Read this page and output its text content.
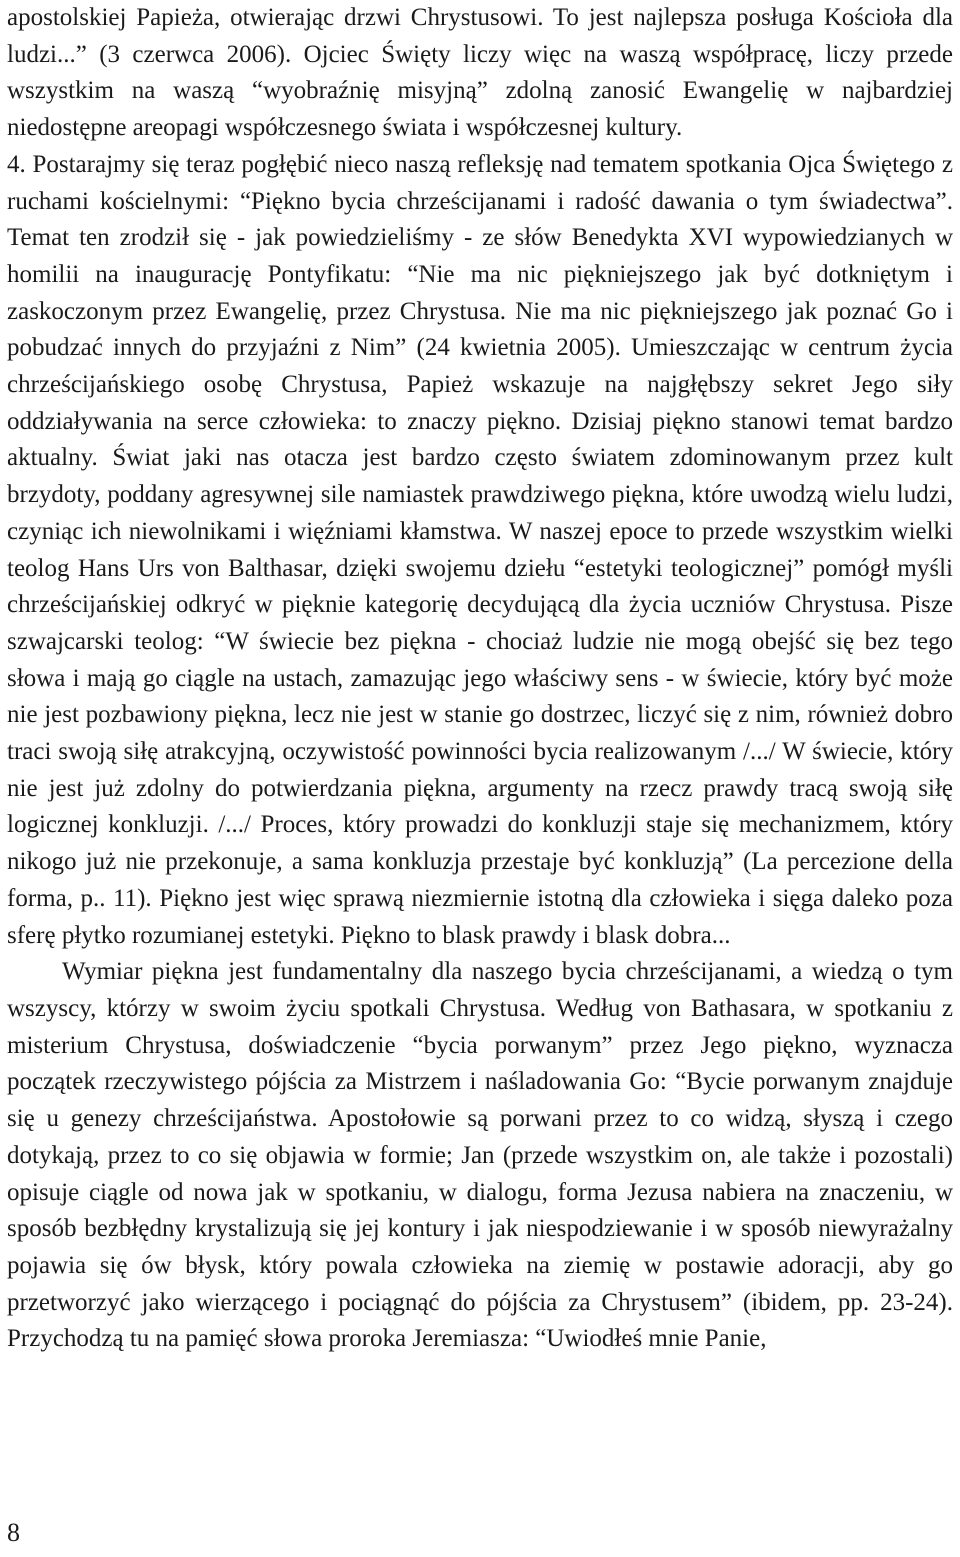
apostolskiej Papieża, otwierając drzwi Chrystusowi. To jest najlepsza posługa Kościoła dla ludzi...” (3 czerwca 2006). Ojciec Święty liczy więc na waszą współpracę, liczy przede wszystkim na waszą “wyobraźnię misyjną” zdolną zanosić Ewangelię w najbardziej niedostępne areopagi współczesnego świata i współczesnej kultury.

4. Postarajmy się teraz pogłębić nieco naszą refleksję nad tematem spotkania Ojca Świętego z ruchami kościelnymi: “Piękno bycia chrześcijanami i radość dawania o tym świadectwa”. Temat ten zrodził się - jak powiedzieliśmy - ze słów Benedykta XVI wypowiedzianych w homilii na inaugurację Pontyfikatu: “Nie ma nic piękniejszego jak być dotkniętym i zaskoczonym przez Ewangelię, przez Chrystusa. Nie ma nic piękniejszego jak poznać Go i pobudzać innych do przyjaźni z Nim” (24 kwietnia 2005). Umieszczając w centrum życia chrześcijańskiego osobę Chrystusa, Papież wskazuje na najgłębszy sekret Jego siły oddziaływania na serce człowieka: to znaczy piękno. Dzisiaj piękno stanowi temat bardzo aktualny. Świat jaki nas otacza jest bardzo często światem zdominowanym przez kult brzydoty, poddany agresywnej sile namiastek prawdziwego piękna, które uwodzą wielu ludzi, czyniąc ich niewolnikami i więźniami kłamstwa. W naszej epoce to przede wszystkim wielki teolog Hans Urs von Balthasar, dzięki swojemu dziełu “estetyki teologicznej” pomógł myśli chrześcijańskiej odkryć w pięknie kategorię decydującą dla życia uczniów Chrystusa. Pisze szwajcarski teolog: “W świecie bez piękna - chociaż ludzie nie mogą obejść się bez tego słowa i mają go ciągle na ustach, zamazując jego właściwy sens - w świecie, który być może nie jest pozbawiony piękna, lecz nie jest w stanie go dostrzec, liczyć się z nim, również dobro traci swoją siłę atrakcyjną, oczywistość powinności bycia realizowanym /.../ W świecie, który nie jest już zdolny do potwierdzania piękna, argumenty na rzecz prawdy tracą swoją siłę logicznej konkluzji. /.../ Proces, który prowadzi do konkluzji staje się mechanizmem, który nikogo już nie przekonuje, a sama konkluzja przestaje być konkluzją” (La percezione della forma, p.. 11). Piękno jest więc sprawą niezmiernie istotną dla człowieka i sięga daleko poza sferę płytko rozumianej estetyki. Piękno to blask prawdy i blask dobra...

Wymiar piękna jest fundamentalny dla naszego bycia chrześcijanami, a wiedzą o tym wszyscy, którzy w swoim życiu spotkali Chrystusa. Według von Bathasara, w spotkaniu z misterium Chrystusa, doświadczenie “bycia porwanym” przez Jego piękno, wyznacza początek rzeczywistego pójścia za Mistrzem i naśladowania Go: “Bycie porwanym znajduje się u genezy chrześcijaństwa. Apostołowie są porwani przez to co widzą, słyszą i czego dotykają, przez to co się objawia w formie; Jan (przede wszystkim on, ale także i pozostali) opisuje ciągle od nowa jak w spotkaniu, w dialogu, forma Jezusa nabiera na znaczeniu, w sposób bezbłędny krystalizują się jej kontury i jak niespodziewanie i w sposób niewyrażalny pojawia się ów błysk, który powala człowieka na ziemię w postawie adoracji, aby go przetworzyć jako wierzącego i pociągnąć do pójścia za Chrystusem” (ibidem, pp. 23-24). Przychodzą tu na pamięć słowa proroka Jeremiasza: “Uwiodłeś mnie Panie,

8
